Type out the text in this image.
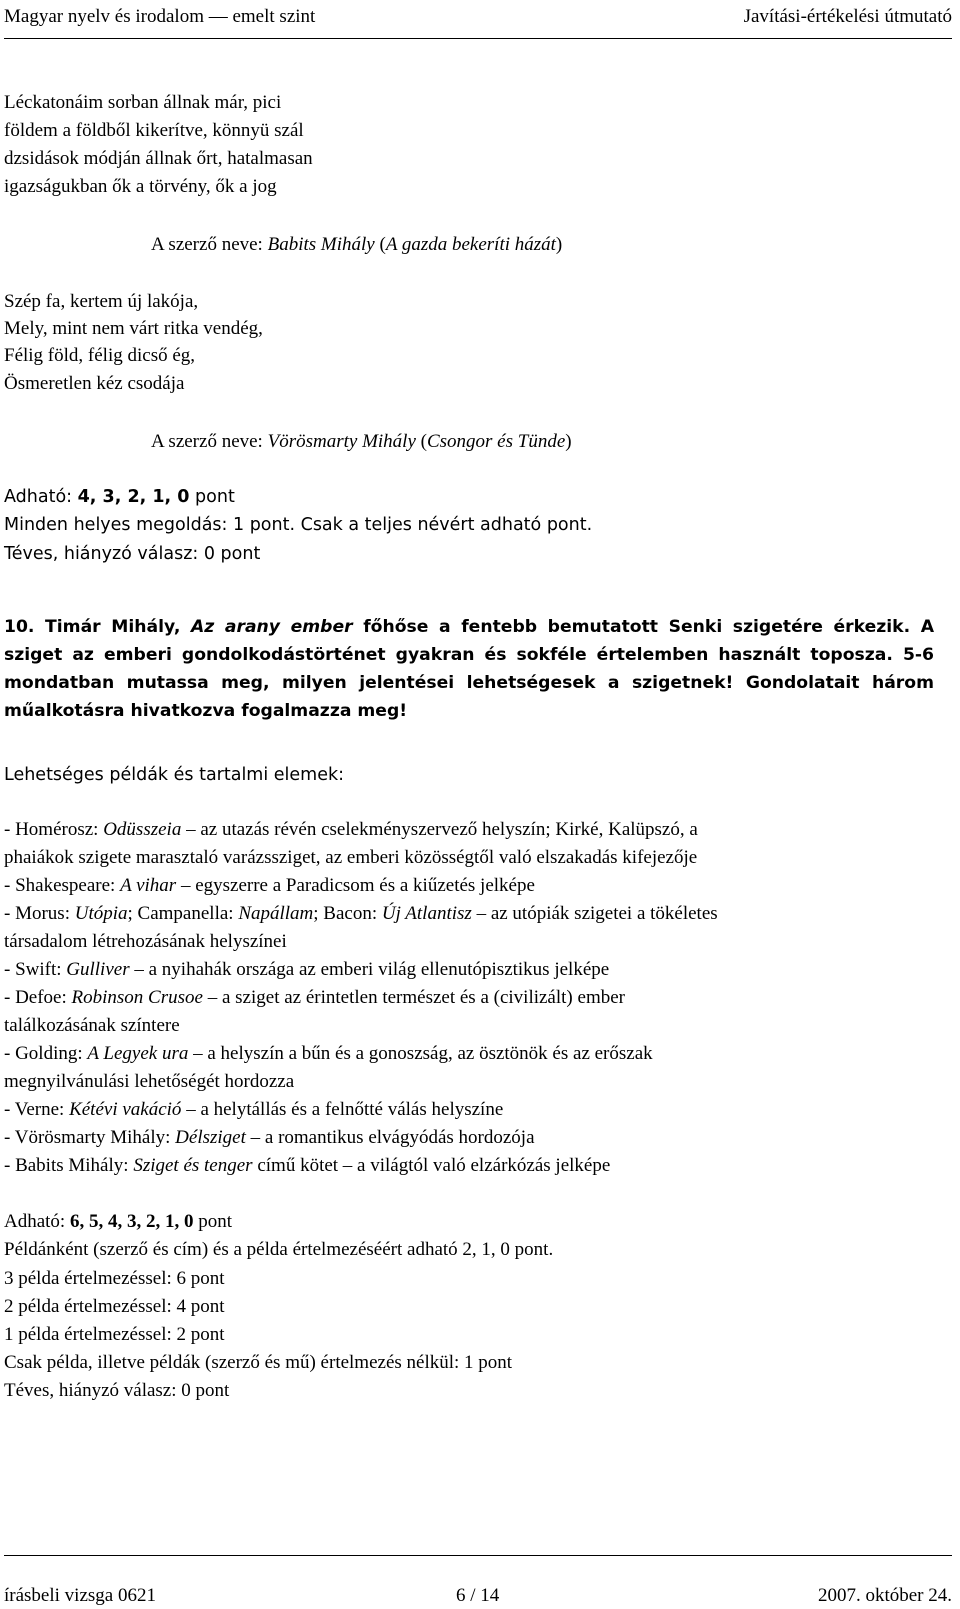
Magyar nyelv és irodalom — emelt szint	Javítási-értékelési útmutató
Léckatonáim sorban állnak már, pici
földem a földből kikerítve, könnyü szál
dzsidások módján állnak őrt, hatalmasan
igazságukban ők a törvény, ők a jog
A szerző neve: Babits Mihály (A gazda bekeríti házát)
Szép fa, kertem új lakója,
Mely, mint nem várt ritka vendég,
Félig föld, félig dicső ég,
Ösmeretlen kéz csodája
A szerző neve: Vörösmarty Mihály (Csongor és Tünde)
Adható: 4, 3, 2, 1, 0 pont
Minden helyes megoldás: 1 pont. Csak a teljes névért adható pont.
Téves, hiányzó válasz: 0 pont

10. Timár Mihály, Az arany ember főhőse a fentebb bemutatott Senki szigetére érkezik. A sziget az emberi gondolkodástörténet gyakran és sokféle értelemben használt toposza. 5-6 mondatban mutassa meg, milyen jelentései lehetségesek a szigetnek! Gondolatait három műalkotásra hivatkozva fogalmazza meg!

Lehetséges példák és tartalmi elemek:
- Homérosz: Odüsszeia – az utazás révén cselekményszervező helyszín; Kirké, Kalüpszó, a
phaiákok szigete marasztaló varázssziget, az emberi közösségtől való elszakadás kifejezője
- Shakespeare: A vihar – egyszerre a Paradicsom és a kiűzetés jelképe
- Morus: Utópia; Campanella: Napállam; Bacon: Új Atlantisz – az utópiák szigetei a tökéletes
társadalom létrehozásának helyszínei
- Swift: Gulliver – a nyihahák országa az emberi világ ellenutópisztikus jelképe
- Defoe: Robinson Crusoe – a sziget az érintetlen természet és a (civilizált) ember
találkozásának színtere
- Golding: A Legyek ura – a helyszín a bűn és a gonoszság, az ösztönök és az erőszak
megnyilvánulási lehetőségét hordozza
- Verne: Kétévi vakáció – a helytállás és a felnőtté válás helyszíne
- Vörösmarty Mihály: Délsziget – a romantikus elvágyódás hordozója
- Babits Mihály: Sziget és tenger című kötet – a világtól való elzárkózás jelképe
Adható: 6, 5, 4, 3, 2, 1, 0 pont
Példánként (szerző és cím) és a példa értelmezéséért adható 2, 1, 0 pont.
3 példa értelmezéssel: 6 pont
2 példa értelmezéssel: 4 pont
1 példa értelmezéssel: 2 pont
Csak példa, illetve példák (szerző és mű) értelmezés nélkül: 1 pont
Téves, hiányzó válasz: 0 pont
írásbeli vizsga 0621	6 / 14	2007. október 24.
